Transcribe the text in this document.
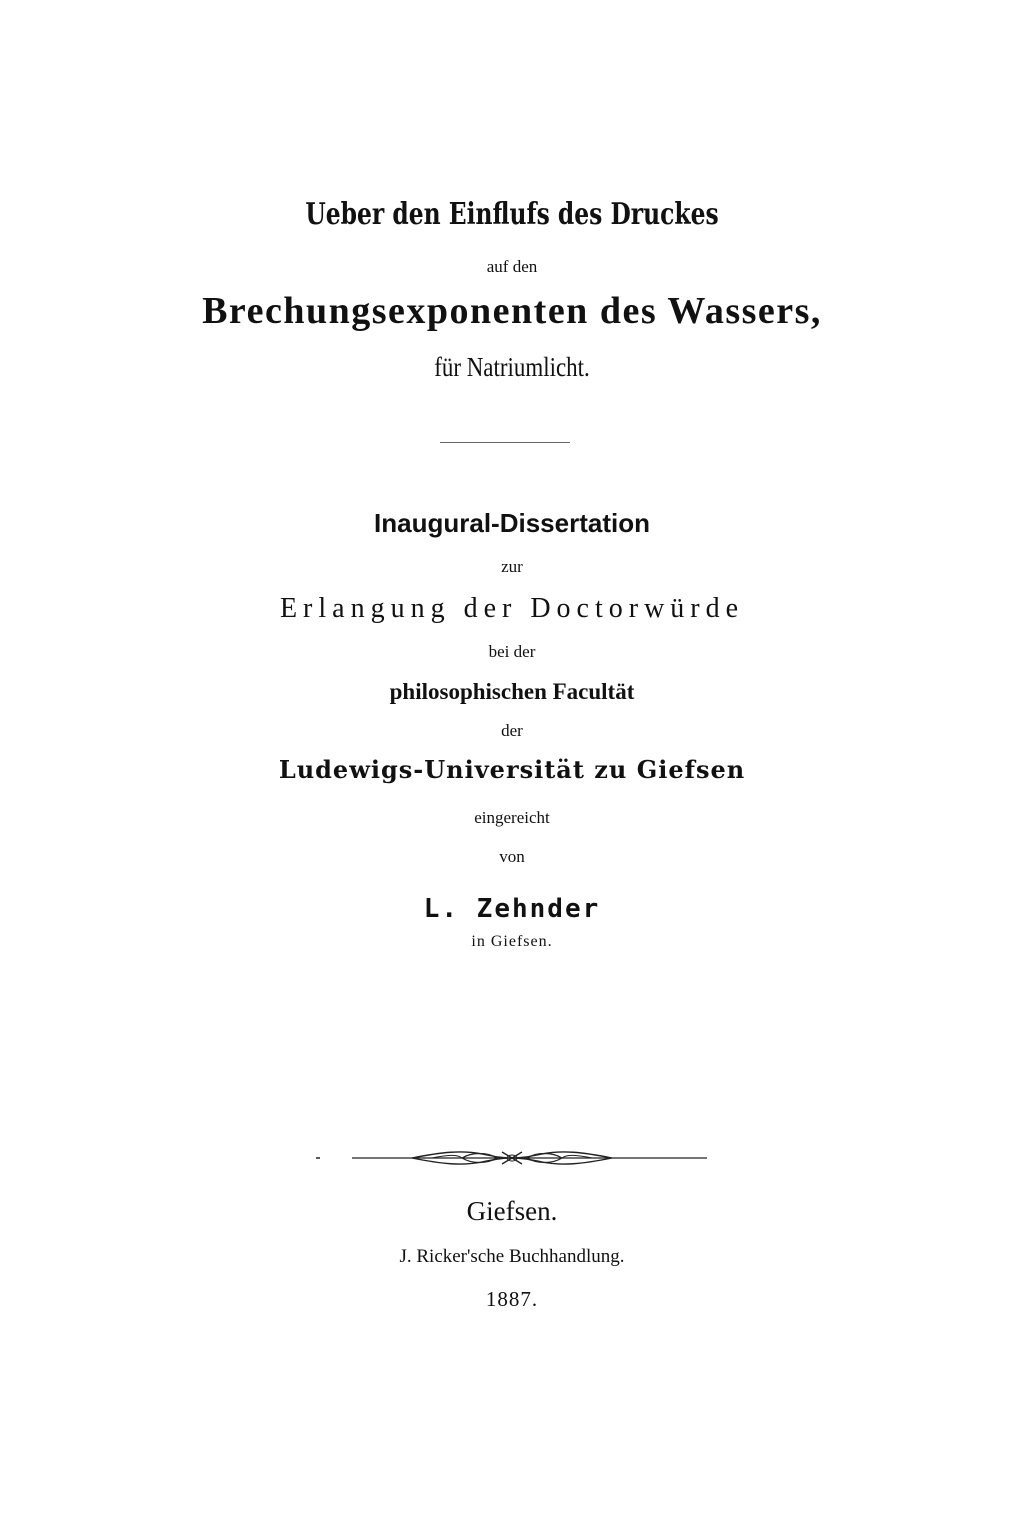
Ueber den Einflufs des Druckes
auf den
Brechungsexponenten des Wassers,
für Natriumlicht.
Inaugural-Dissertation
zur
Erlangung der Doctorwürde
bei der
philosophischen Facultät
der
Ludewigs-Universität zu Giefsen
eingereicht
von
L. Zehnder
in Giefsen.
Giefsen.
J. Ricker'sche Buchhandlung.
1887.
